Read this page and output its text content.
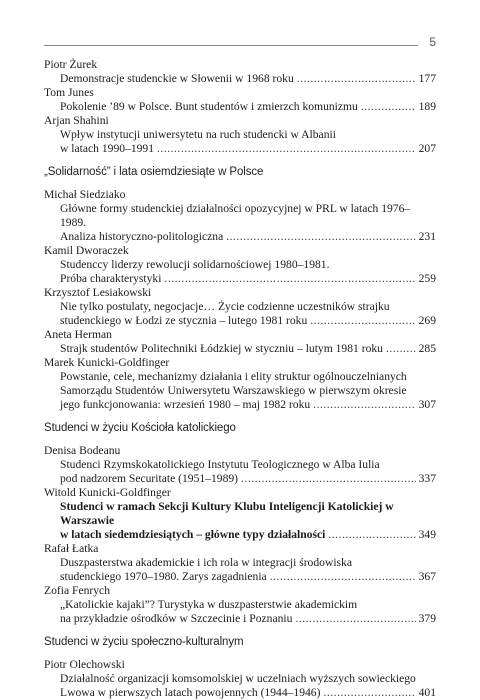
5
Piotr Żurek
Demonstracje studenckie w Słowenii w 1968 roku .....	177
Tom Junes
Pokolenie ’89 w Polsce. Bunt studentów i zmierzch komunizmu .....	189
Arjan Shahini
Wpływ instytucji uniwersytetu na ruch studencki w Albanii
w latach 1990–1991 .....	207
„Solidarność” i lata osiemdziesiąte w Polsce
Michał Siedziako
Główne formy studenckiej działalności opozycyjnej w PRL w latach 1976–1989.
Analiza historyczno-politologiczna .....	231
Kamil Dworaczek
Studenccy liderzy rewolucji solidarnościowej 1980–1981.
Próba charakterystyki .....	259
Krzysztof Lesiakowski
Nie tylko postulaty, negocjacje… Życie codzienne uczestników strajku
studenckiego w Łodzi ze stycznia – lutego 1981 roku .....	269
Aneta Herman
Strajk studentów Politechniki Łódzkiej w styczniu – lutym 1981 roku .....	285
Marek Kunicki-Goldfinger
Powstanie, cele, mechanizmy działania i elity struktur ogólnouczelnianych
Samorządu Studentów Uniwersytetu Warszawskiego w pierwszym okresie
jego funkcjonowania: wrzesień 1980 – maj 1982 roku .....	307
Studenci w życiu Kościoła katolickiego
Denisa Bodeanu
Studenci Rzymskokatolickiego Instytutu Teologicznego w Alba Iulia
pod nadzorem Securitate (1951–1989) .....	337
Witold Kunicki-Goldfinger
Studenci w ramach Sekcji Kultury Klubu Inteligencji Katolickiej w Warszawie
w latach siedemdziesiątych – główne typy działalności .....	349
Rafał Łatka
Duszpasterstwa akademickie i ich rola w integracji środowiska
studenckiego 1970–1980. Zarys zagadnienia .....	367
Zofia Fenrych
„Katolickie kajaki”? Turystyka w duszpasterstwie akademickim
na przykładzie ośrodków w Szczecinie i Poznaniu .....	379
Studenci w życiu społeczno-kulturalnym
Piotr Olechowski
Działalność organizacji komsomolskiej w uczelniach wyższych sowieckiego
Lwowa w pierwszych latach powojennych (1944–1946) .....	401
